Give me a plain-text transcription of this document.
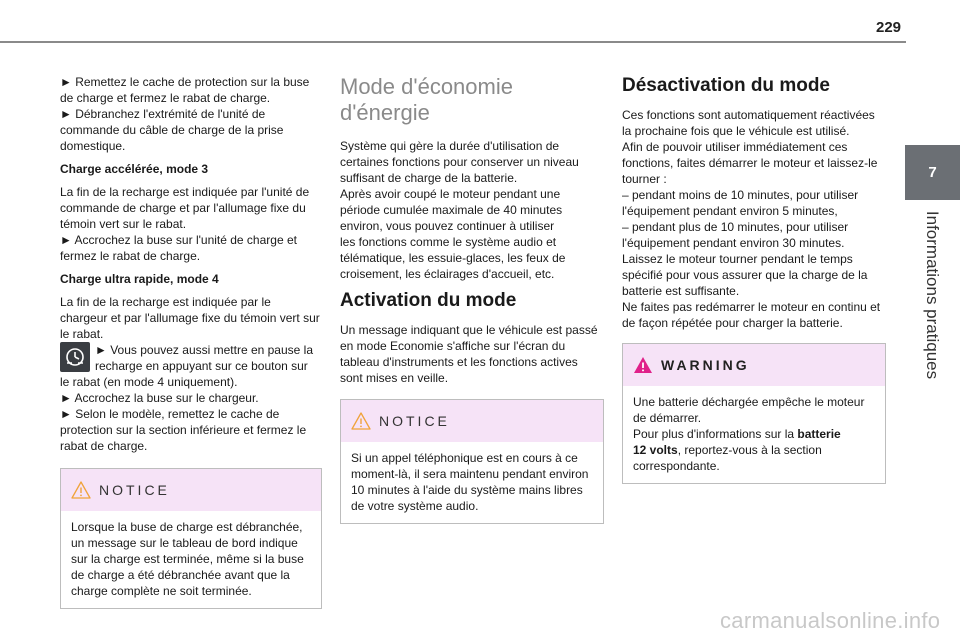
229
7
Informations pratiques
► Remettez le cache de protection sur la buse
de charge et fermez le rabat de charge.
► Débranchez l'extrémité de l'unité de
commande du câble de charge de la prise
domestique.
Charge accélérée, mode 3
La fin de la recharge est indiquée par l'unité de
commande de charge et par l'allumage fixe du
témoin vert sur le rabat.
► Accrochez la buse sur l'unité de charge et
fermez le rabat de charge.
Charge ultra rapide, mode 4
La fin de la recharge est indiquée par le
chargeur et par l'allumage fixe du témoin vert sur
le rabat.
► Vous pouvez aussi mettre en pause la
recharge en appuyant sur ce bouton sur
le rabat (en mode 4 uniquement).
► Accrochez la buse sur le chargeur.
► Selon le modèle, remettez le cache de
protection sur la section inférieure et fermez le
rabat de charge.
NOTICE
Lorsque la buse de charge est débranchée,
un message sur le tableau de bord indique
sur la charge est terminée, même si la buse
de charge a été débranchée avant que la
charge complète ne soit terminée.
Mode d'économie
d'énergie
Système qui gère la durée d'utilisation de
certaines fonctions pour conserver un niveau
suffisant de charge de la batterie.
Après avoir coupé le moteur pendant une
période cumulée maximale de 40 minutes
environ, vous pouvez continuer à utiliser
les fonctions comme le système audio et
télématique, les essuie-glaces, les feux de
croisement, les éclairages d'accueil, etc.
Activation du mode
Un message indiquant que le véhicule est passé
en mode Economie s'affiche sur l'écran du
tableau d'instruments et les fonctions actives
sont mises en veille.
NOTICE
Si un appel téléphonique est en cours à ce
moment-là, il sera maintenu pendant environ
10 minutes à l'aide du système mains libres
de votre système audio.
Désactivation du mode
Ces fonctions sont automatiquement réactivées
la prochaine fois que le véhicule est utilisé.
Afin de pouvoir utiliser immédiatement ces
fonctions, faites démarrer le moteur et laissez-le
tourner :
– pendant moins de 10 minutes, pour utiliser
l'équipement pendant environ 5 minutes,
– pendant plus de 10 minutes, pour utiliser
l'équipement pendant environ 30 minutes.
Laissez le moteur tourner pendant le temps
spécifié pour vous assurer que la charge de la
batterie est suffisante.
Ne faites pas redémarrer le moteur en continu et
de façon répétée pour charger la batterie.
WARNING
Une batterie déchargée empêche le moteur
de démarrer.
Pour plus d'informations sur la batterie
12 volts, reportez-vous à la section
correspondante.
carmanualsonline.info
